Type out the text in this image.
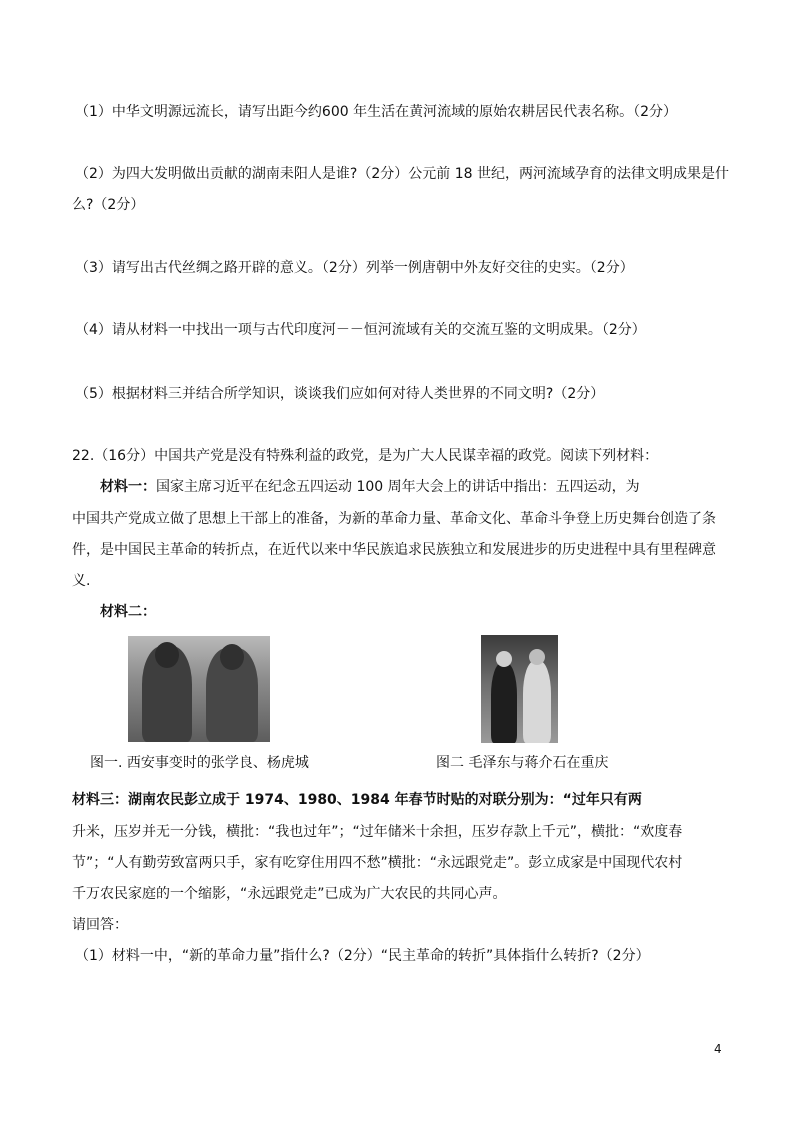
（1）中华文明源远流长，请写出距今约600 年生活在黄河流域的原始农耕居民代表名称。（2分）
（2）为四大发明做出贡献的湖南耒阳人是谁?（2分）公元前 18 世纪，两河流域孕育的法律文明成果是什
么?（2分）
（3）请写出古代丝绸之路开辟的意义。（2分）列举一例唐朝中外友好交往的史实。（2分）
（4）请从材料一中找出一项与古代印度河－－恒河流域有关的交流互鉴的文明成果。（2分）
（5）根据材料三并结合所学知识，谈谈我们应如何对待人类世界的不同文明?（2分）
22.（16分）中国共产党是没有特殊利益的政党，是为广大人民谋幸福的政党。阅读下列材料：
材料一：国家主席习近平在纪念五四运动 100 周年大会上的讲话中指出：五四运动，为
中国共产党成立做了思想上干部上的准备，为新的革命力量、革命文化、革命斗争登上历史舞台创造了条
件，是中国民主革命的转折点，在近代以来中华民族追求民族独立和发展进步的历史进程中具有里程碑意
义.
材料二：
图一. 西安事变时的张学良、杨虎城	图二 毛泽东与蒋介石在重庆
材料三：湖南农民彭立成于 1974、1980、1984 年春节时贴的对联分别为：“过年只有两
升米，压岁并无一分钱，横批：“我也过年”；“过年储米十余担，压岁存款上千元”，横批：“欢度春
节”；“人有勤劳致富两只手，家有吃穿住用四不愁”横批：“永远跟党走”。彭立成家是中国现代农村
千万农民家庭的一个缩影，“永远跟党走”已成为广大农民的共同心声。
请回答：
（1）材料一中，“新的革命力量”指什么?（2分）“民主革命的转折”具体指什么转折?（2分）
4
